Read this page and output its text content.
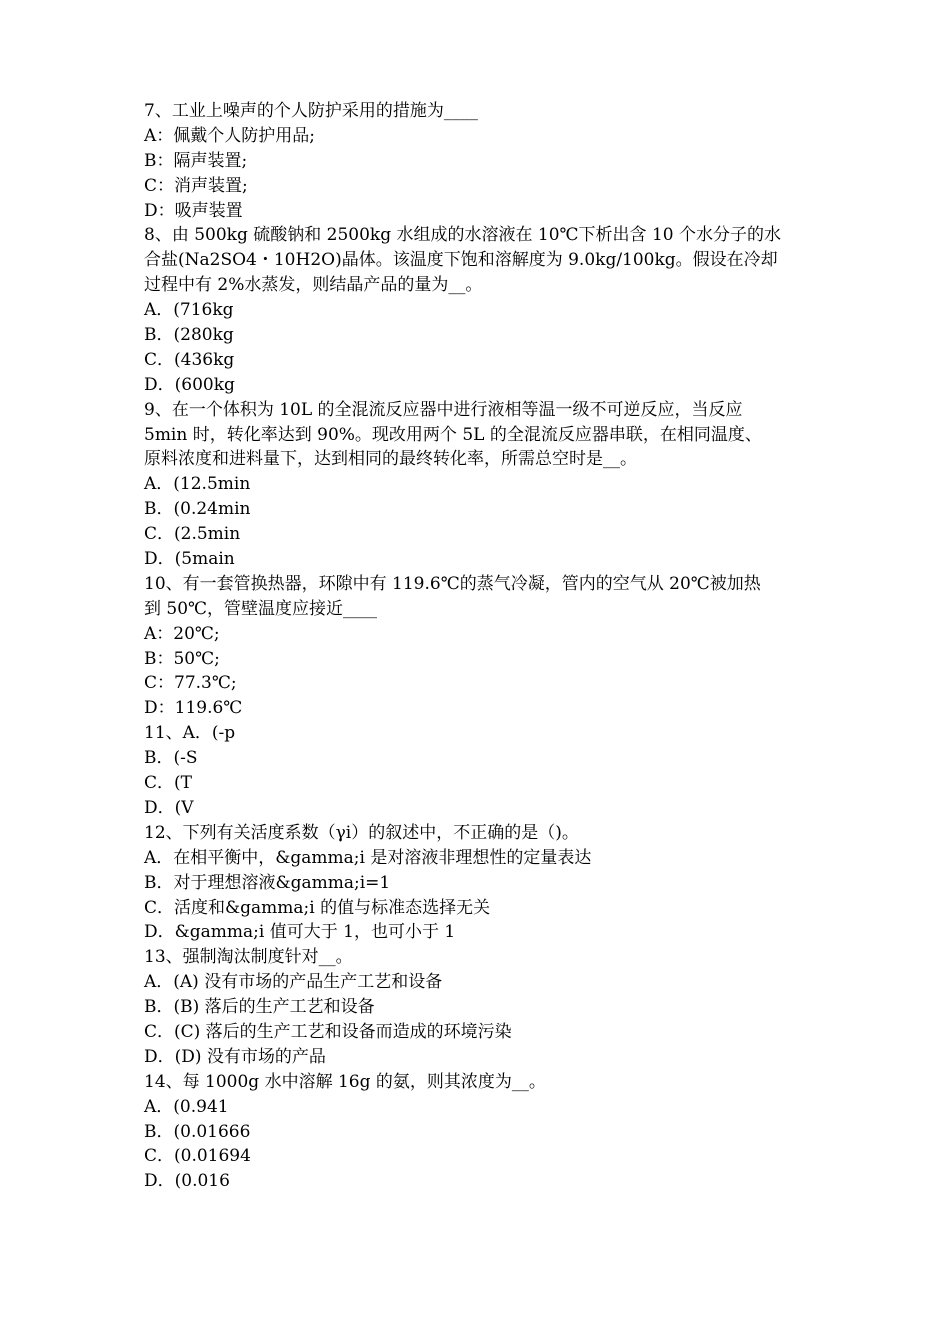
7、工业上噪声的个人防护采用的措施为____
A：佩戴个人防护用品;
B：隔声装置;
C：消声装置;
D：吸声装置
8、由 500kg 硫酸钠和 2500kg 水组成的水溶液在 10℃下析出含 10 个水分子的水
合盐(Na2SO4・10H2O)晶体。该温度下饱和溶解度为 9.0kg/100kg。假设在冷却
过程中有 2%水蒸发，则结晶产品的量为__。
A．(716kg
B．(280kg
C．(436kg
D．(600kg
9、在一个体积为 10L 的全混流反应器中进行液相等温一级不可逆反应，当反应
5min 时，转化率达到 90%。现改用两个 5L 的全混流反应器串联，在相同温度、
原料浓度和进料量下，达到相同的最终转化率，所需总空时是__。
A．(12.5min
B．(0.24min
C．(2.5min
D．(5main
10、有一套管换热器，环隙中有 119.6℃的蒸气冷凝，管内的空气从 20℃被加热
到 50℃，管壁温度应接近____
A：20℃;
B：50℃;
C：77.3℃;
D：119.6℃
11、A．(-p
B．(-S
C．(T
D．(V
12、下列有关活度系数（γi）的叙述中，不正确的是（)。
A．在相平衡中，&gamma;i 是对溶液非理想性的定量表达
B．对于理想溶液&gamma;i=1
C．活度和&gamma;i 的值与标准态选择无关
D．&gamma;i 值可大于 1，也可小于 1
13、强制淘汰制度针对__。
A．(A) 没有市场的产品生产工艺和设备
B．(B) 落后的生产工艺和设备
C．(C) 落后的生产工艺和设备而造成的环境污染
D．(D) 没有市场的产品
14、每 1000g 水中溶解 16g 的氨，则其浓度为__。
A．(0.941
B．(0.01666
C．(0.01694
D．(0.016
